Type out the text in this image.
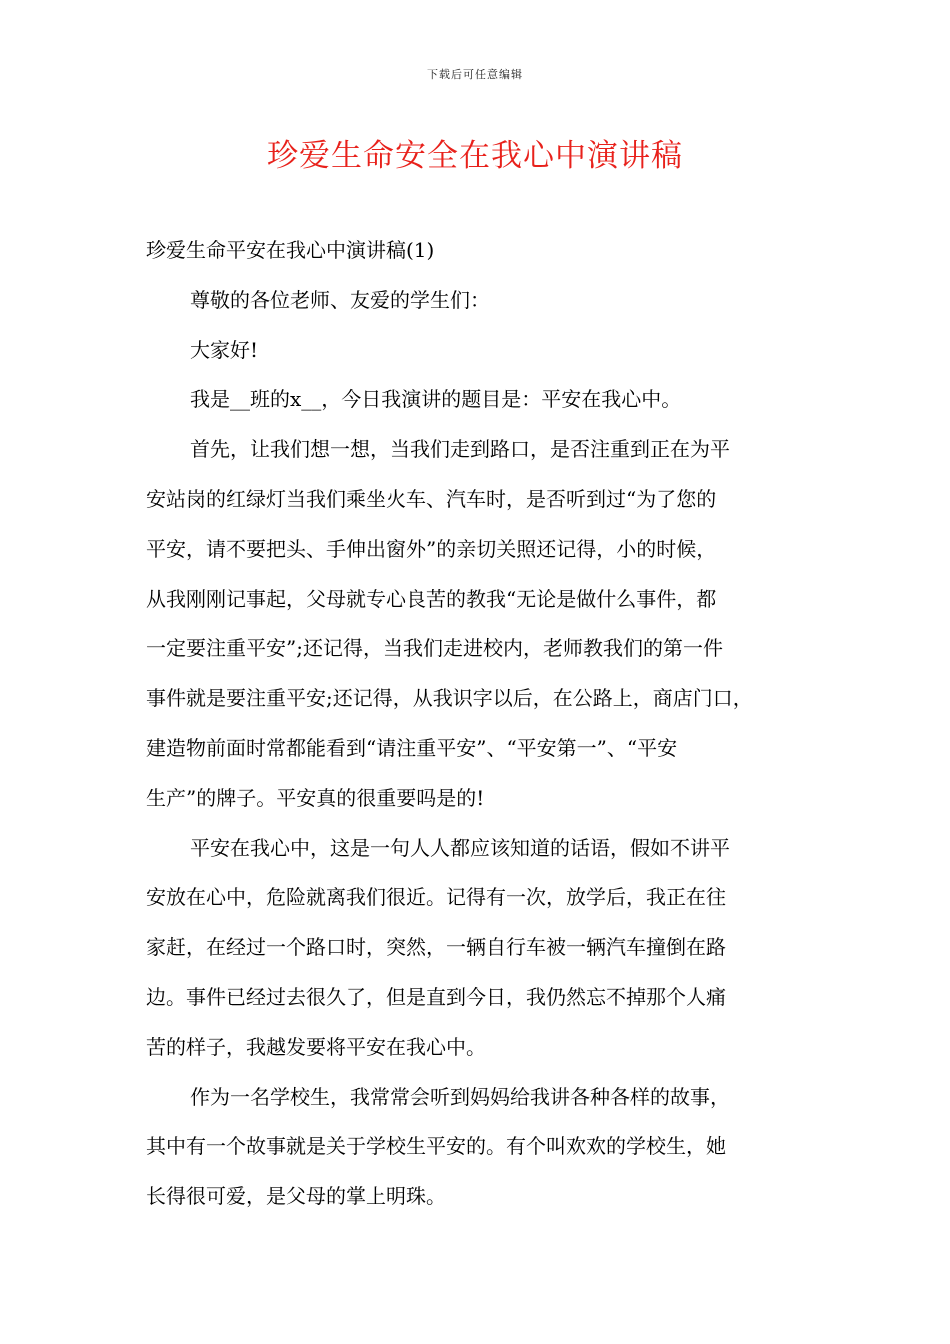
下载后可任意编辑
珍爱生命安全在我心中演讲稿
珍爱生命平安在我心中演讲稿(1)
尊敬的各位老师、友爱的学生们：
大家好!
我是__班的x__，今日我演讲的题目是：平安在我心中。
首先，让我们想一想，当我们走到路口，是否注重到正在为平
安站岗的红绿灯当我们乘坐火车、汽车时，是否听到过“为了您的
平安，请不要把头、手伸出窗外”的亲切关照还记得，小的时候，
从我刚刚记事起，父母就专心良苦的教我“无论是做什么事件，都
一定要注重平安”;还记得，当我们走进校内，老师教我们的第一件
事件就是要注重平安;还记得，从我识字以后，在公路上，商店门口，
建造物前面时常都能看到“请注重平安”、“平安第一”、“平安
生产”的牌子。平安真的很重要吗是的!
平安在我心中，这是一句人人都应该知道的话语，假如不讲平
安放在心中，危险就离我们很近。记得有一次，放学后，我正在往
家赶，在经过一个路口时，突然，一辆自行车被一辆汽车撞倒在路
边。事件已经过去很久了，但是直到今日，我仍然忘不掉那个人痛
苦的样子，我越发要将平安在我心中。
作为一名学校生，我常常会听到妈妈给我讲各种各样的故事，
其中有一个故事就是关于学校生平安的。有个叫欢欢的学校生，她
长得很可爱，是父母的掌上明珠。
